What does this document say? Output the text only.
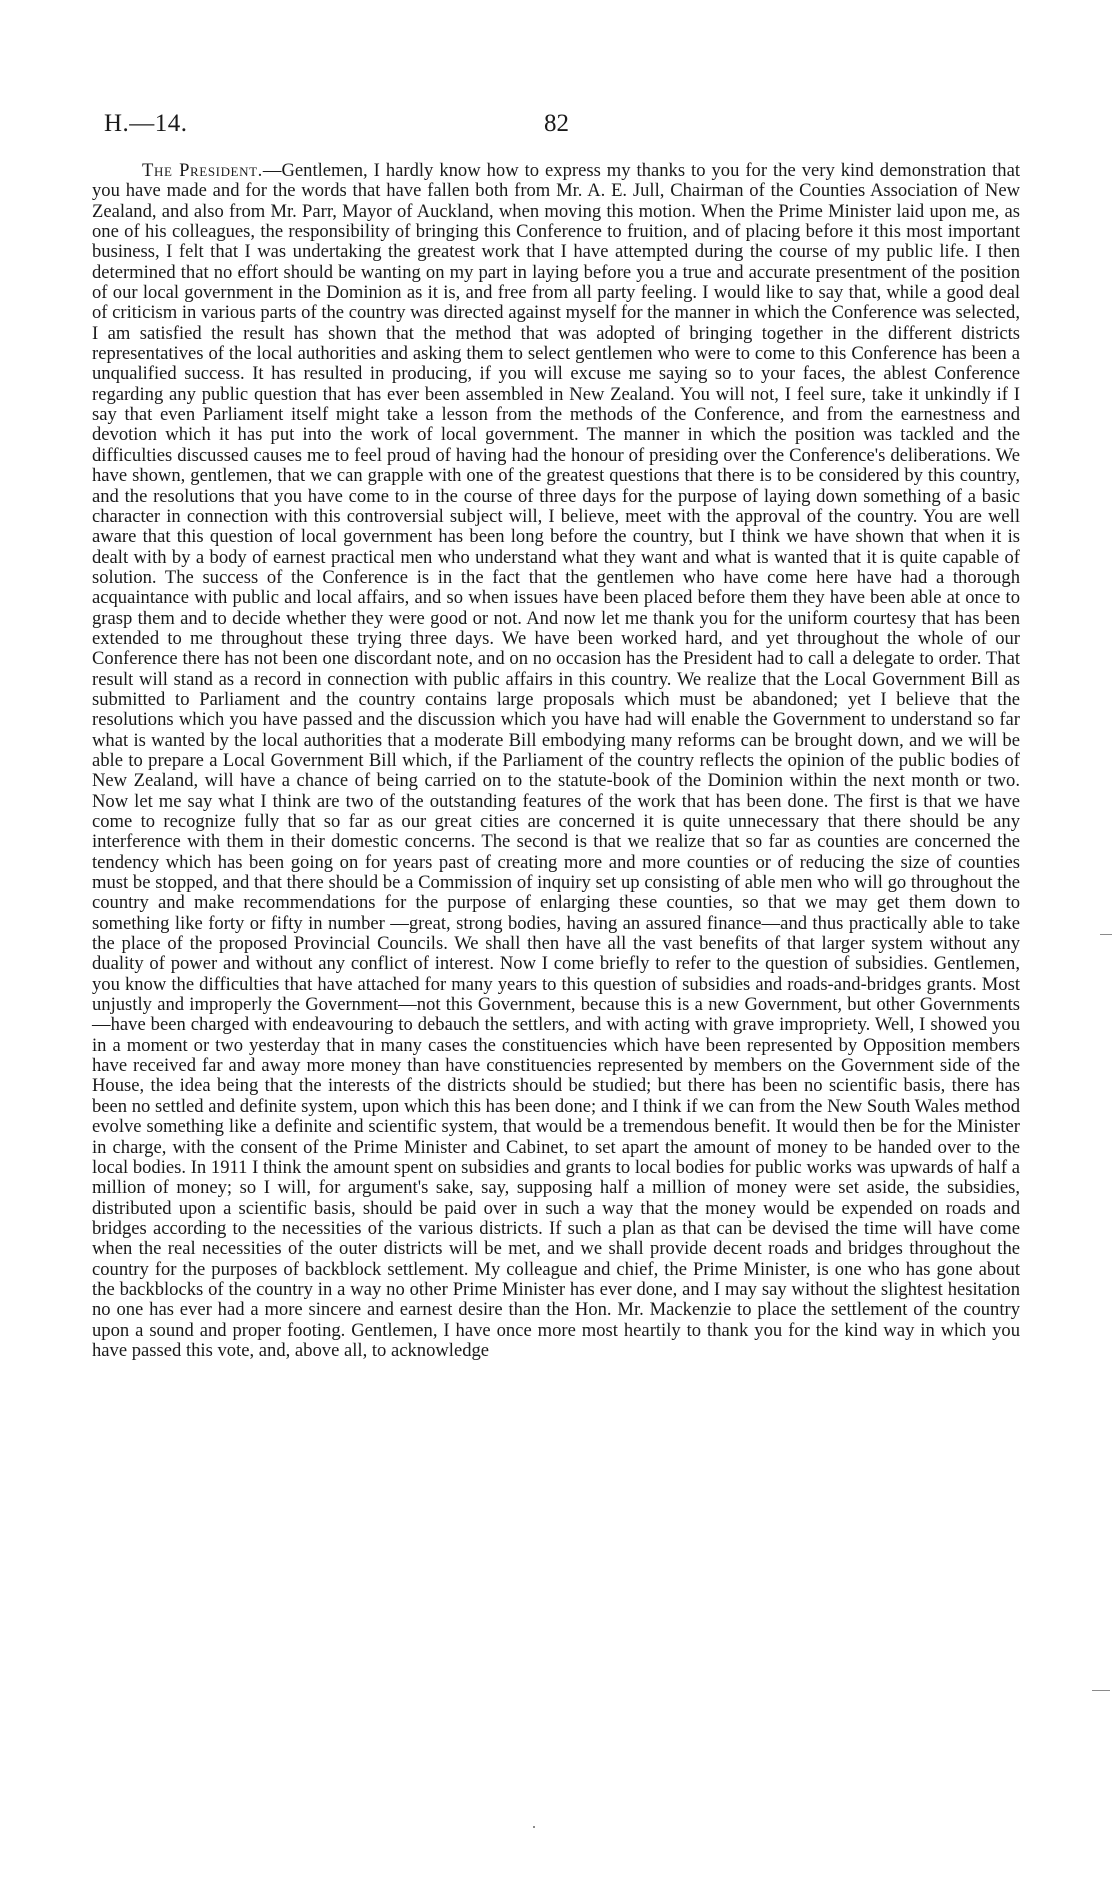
H.—14.	82

The President.—Gentlemen, I hardly know how to express my thanks to you for the very kind demonstration that you have made and for the words that have fallen both from Mr. A. E. Jull, Chairman of the Counties Association of New Zealand, and also from Mr. Parr, Mayor of Auckland, when moving this motion. When the Prime Minister laid upon me, as one of his colleagues, the responsibility of bringing this Conference to fruition, and of placing before it this most important business, I felt that I was undertaking the greatest work that I have attempted during the course of my public life. I then determined that no effort should be wanting on my part in laying before you a true and accurate presentment of the position of our local government in the Dominion as it is, and free from all party feeling. I would like to say that, while a good deal of criticism in various parts of the country was directed against myself for the manner in which the Conference was selected, I am satisfied the result has shown that the method that was adopted of bringing together in the different districts representatives of the local authorities and asking them to select gentlemen who were to come to this Conference has been a unqualified success. It has resulted in producing, if you will excuse me saying so to your faces, the ablest Conference regarding any public question that has ever been assembled in New Zealand. You will not, I feel sure, take it unkindly if I say that even Parliament itself might take a lesson from the methods of the Conference, and from the earnestness and devotion which it has put into the work of local government. The manner in which the position was tackled and the difficulties discussed causes me to feel proud of having had the honour of presiding over the Conference's deliberations. We have shown, gentlemen, that we can grapple with one of the greatest questions that there is to be considered by this country, and the resolutions that you have come to in the course of three days for the purpose of laying down something of a basic character in connection with this controversial subject will, I believe, meet with the approval of the country. You are well aware that this question of local government has been long before the country, but I think we have shown that when it is dealt with by a body of earnest practical men who understand what they want and what is wanted that it is quite capable of solution. The success of the Conference is in the fact that the gentlemen who have come here have had a thorough acquaintance with public and local affairs, and so when issues have been placed before them they have been able at once to grasp them and to decide whether they were good or not. And now let me thank you for the uniform courtesy that has been extended to me throughout these trying three days. We have been worked hard, and yet throughout the whole of our Conference there has not been one discordant note, and on no occasion has the President had to call a delegate to order. That result will stand as a record in connection with public affairs in this country. We realize that the Local Government Bill as submitted to Parliament and the country contains large proposals which must be abandoned; yet I believe that the resolutions which you have passed and the discussion which you have had will enable the Government to understand so far what is wanted by the local authorities that a moderate Bill embodying many reforms can be brought down, and we will be able to prepare a Local Government Bill which, if the Parliament of the country reflects the opinion of the public bodies of New Zealand, will have a chance of being carried on to the statute-book of the Dominion within the next month or two. Now let me say what I think are two of the outstanding features of the work that has been done. The first is that we have come to recognize fully that so far as our great cities are concerned it is quite unnecessary that there should be any interference with them in their domestic concerns. The second is that we realize that so far as counties are concerned the tendency which has been going on for years past of creating more and more counties or of reducing the size of counties must be stopped, and that there should be a Commission of inquiry set up consisting of able men who will go throughout the country and make recommendations for the purpose of enlarging these counties, so that we may get them down to something like forty or fifty in number —great, strong bodies, having an assured finance—and thus practically able to take the place of the proposed Provincial Councils. We shall then have all the vast benefits of that larger system without any duality of power and without any conflict of interest. Now I come briefly to refer to the question of subsidies. Gentlemen, you know the difficulties that have attached for many years to this question of subsidies and roads-and-bridges grants. Most unjustly and improperly the Government—not this Government, because this is a new Government, but other Governments —have been charged with endeavouring to debauch the settlers, and with acting with grave impropriety. Well, I showed you in a moment or two yesterday that in many cases the constituencies which have been represented by Opposition members have received far and away more money than have constituencies represented by members on the Government side of the House, the idea being that the interests of the districts should be studied; but there has been no scientific basis, there has been no settled and definite system, upon which this has been done; and I think if we can from the New South Wales method evolve something like a definite and scientific system, that would be a tremendous benefit. It would then be for the Minister in charge, with the consent of the Prime Minister and Cabinet, to set apart the amount of money to be handed over to the local bodies. In 1911 I think the amount spent on subsidies and grants to local bodies for public works was upwards of half a million of money; so I will, for argument's sake, say, supposing half a million of money were set aside, the subsidies, distributed upon a scientific basis, should be paid over in such a way that the money would be expended on roads and bridges according to the necessities of the various districts. If such a plan as that can be devised the time will have come when the real necessities of the outer districts will be met, and we shall provide decent roads and bridges throughout the country for the purposes of backblock settlement. My colleague and chief, the Prime Minister, is one who has gone about the backblocks of the country in a way no other Prime Minister has ever done, and I may say without the slightest hesitation no one has ever had a more sincere and earnest desire than the Hon. Mr. Mackenzie to place the settlement of the country upon a sound and proper footing. Gentlemen, I have once more most heartily to thank you for the kind way in which you have passed this vote, and, above all, to acknowledge
